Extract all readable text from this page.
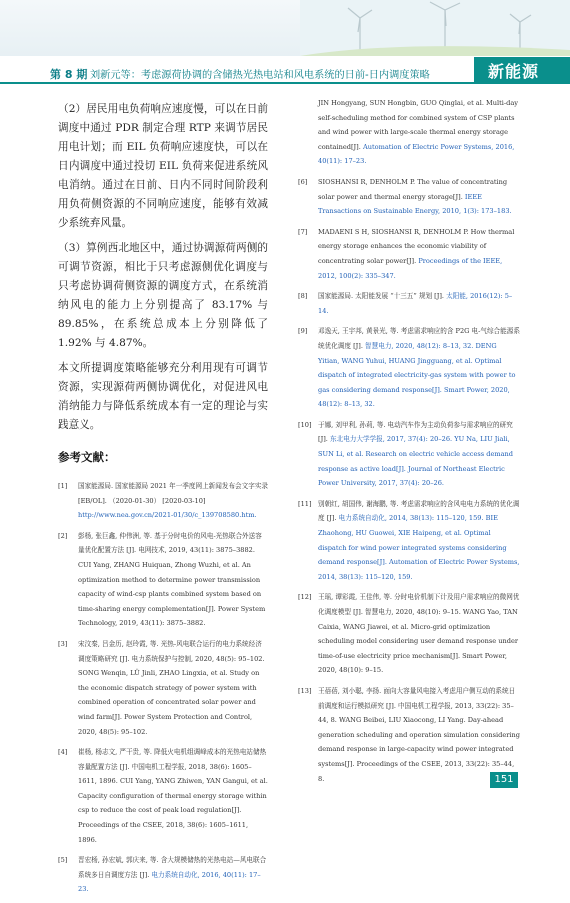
第 8 期 刘新元等：考虑源荷协调的含储热光热电站和风电系统的日前-日内调度策略	新能源

（2）居民用电负荷响应速度慢，可以在日前调度中通过 PDR 制定合理 RTP 来调节居民用电计划；而 EIL 负荷响应速度快，可以在日内调度中通过投切 EIL 负荷来促进系统风电消纳。通过在日前、日内不同时间阶段利用负荷侧资源的不同响应速度，能够有效减少系统弃风量。

（3）算例西北地区中，通过协调源荷两侧的可调节资源，相比于只考虑源侧优化调度与只考虑协调荷侧资源的调度方式，在系统消纳风电的能力上分别提高了 83.17% 与 89.85%，在系统总成本上分别降低了 1.92% 与 4.87%。

本文所提调度策略能够充分利用现有可调节资源，实现源荷两侧协调优化，对促进风电消纳能力与降低系统成本有一定的理论与实践意义。

参考文献：
[1] 国家能源局. 国家能源局 2021 年一季度网上新闻发布会文字实录 [EB/OL]. （2020-01-30） [2020-03-10] http://www.nea.gov.cn/2021-01/30/c_139708580.htm.
[2] 彭杨, 张巨鑫, 仲伟洲, 等. 基于分时电价的风电-光热联合外送容量优化配置方法 [J]. 电网技术, 2019, 43(11): 3875–3882. CUI Yang, ZHANG Huiquan, Zhong Wuzhi, et al. An optimization method to determine power transmission capacity of wind-csp plants combined system based on time-sharing energy complementation[J]. Power System Technology, 2019, 43(11): 3875–3882.
[3] 宋汶秦, 吕金历, 赵玲霞, 等. 光热-风电联合运行的电力系统经济调度策略研究 [J]. 电力系统保护与控制, 2020, 48(5): 95–102. SONG Wenqin, LÜ Jinli, ZHAO Lingxia, et al. Study on the economic dispatch strategy of power system with combined operation of concentrated solar power and wind farm[J]. Power System Protection and Control, 2020, 48(5): 95–102.
[4] 崔杨, 杨志文, 严干贵, 等. 降低火电机组调峰成本的光热电站储热容量配置方法 [J]. 中国电机工程学报, 2018, 38(6): 1605–1611, 1896. CUI Yang, YANG Zhiwen, YAN Gangui, et al. Capacity configuration of thermal energy storage within csp to reduce the cost of peak load regulation[J]. Proceedings of the CSEE, 2018, 38(6): 1605–1611, 1896.
[5] 晋宏杨, 孙宏斌, 郭庆来, 等. 含大规模储热的光热电站—风电联合系统多日自调度方法 [J]. 电力系统自动化, 2016, 40(11): 17–23.
JIN Hongyang, SUN Hongbin, GUO Qinglai, et al. Multi-day self-scheduling method for combined system of CSP plants and wind power with large-scale thermal energy storage contained[J]. Automation of Electric Power Systems, 2016, 40(11): 17–23.
[6] SIOSHANSI R, DENHOLM P. The value of concentrating solar power and thermal energy storage[J]. IEEE Transactions on Sustainable Energy, 2010, 1(3): 173–183.
[7] MADAENI S H, SIOSHANSI R, DENHOLM P. How thermal energy storage enhances the economic viability of concentrating solar power[J]. Proceedings of the IEEE, 2012, 100(2): 335–347.
[8] 国家能源局. 太阳能发展 “十三五” 规划 [J]. 太阳能, 2016(12): 5–14.
[9] 邓逸天, 王宇邦, 黄景光, 等. 考虑需求响应的含 P2G 电-气综合能源系统优化调度 [J]. 智慧电力, 2020, 48(12): 8–13, 32. DENG Yitian, WANG Yuhui, HUANG Jingguang, et al. Optimal dispatch of integrated electricity-gas system with power to gas considering demand response[J]. Smart Power, 2020, 48(12): 8–13, 32.
[10] 于娜, 刘甲利, 孙莉, 等. 电动汽车作为主动负荷参与需求响应的研究 [J]. 东北电力大学学报, 2017, 37(4): 20–26. YU Na, LIU Jiali, SUN Li, et al. Research on electric vehicle access demand response as active load[J]. Journal of Northeast Electric Power University, 2017, 37(4): 20–26.
[11] 别朝红, 胡国伟, 谢海鹏, 等. 考虑需求响应的含风电电力系统的优化调度 [J]. 电力系统自动化, 2014, 38(13): 115–120, 159. BIE Zhaohong, HU Guowei, XIE Haipeng, et al. Optimal dispatch for wind power integrated systems considering demand response[J]. Automation of Electric Power Systems, 2014, 38(13): 115–120, 159.
[12] 王瑶, 谭彩霞, 王佳伟, 等. 分时电价机制下计及用户需求响应的微网优化调度模型 [J]. 智慧电力, 2020, 48(10): 9–15. WANG Yao, TAN Caixia, WANG Jiawei, et al. Micro-grid optimization scheduling model considering user demand response under time-of-use electricity price mechanism[J]. Smart Power, 2020, 48(10): 9–15.
[13] 王蓓蓓, 刘小聪, 李扬. 面向大容量风电接入考虑用户侧互动的系统日前调度和运行模拟研究 [J]. 中国电机工程学报, 2013, 33(22): 35–44, 8. WANG Beibei, LIU Xiaocong, LI Yang. Day-ahead generation scheduling and operation simulation considering demand response in large-capacity wind power integrated systems[J]. Proceedings of the CSEE, 2013, 33(22): 35–44, 8.	151
